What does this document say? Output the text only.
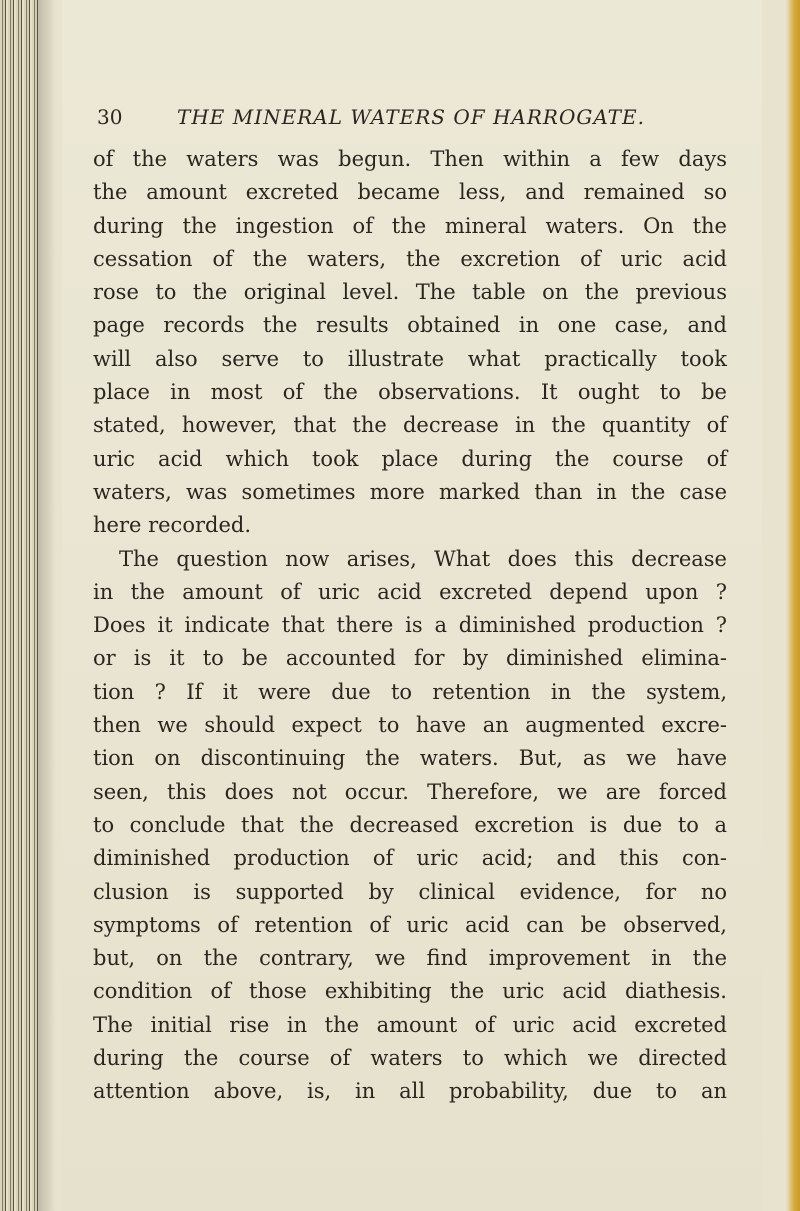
30	THE MINERAL WATERS OF HARROGATE.
of the waters was begun. Then within a few days
the amount excreted became less, and remained so
during the ingestion of the mineral waters. On the
cessation of the waters, the excretion of uric acid
rose to the original level. The table on the previous
page records the results obtained in one case, and
will also serve to illustrate what practically took
place in most of the observations. It ought to be
stated, however, that the decrease in the quantity of
uric acid which took place during the course of
waters, was sometimes more marked than in the case
here recorded.
The question now arises, What does this decrease
in the amount of uric acid excreted depend upon ?
Does it indicate that there is a diminished production ?
or is it to be accounted for by diminished elimina-
tion ? If it were due to retention in the system,
then we should expect to have an augmented excre-
tion on discontinuing the waters. But, as we have
seen, this does not occur. Therefore, we are forced
to conclude that the decreased excretion is due to a
diminished production of uric acid; and this con-
clusion is supported by clinical evidence, for no
symptoms of retention of uric acid can be observed,
but, on the contrary, we find improvement in the
condition of those exhibiting the uric acid diathesis.
The initial rise in the amount of uric acid excreted
during the course of waters to which we directed
attention above, is, in all probability, due to an
